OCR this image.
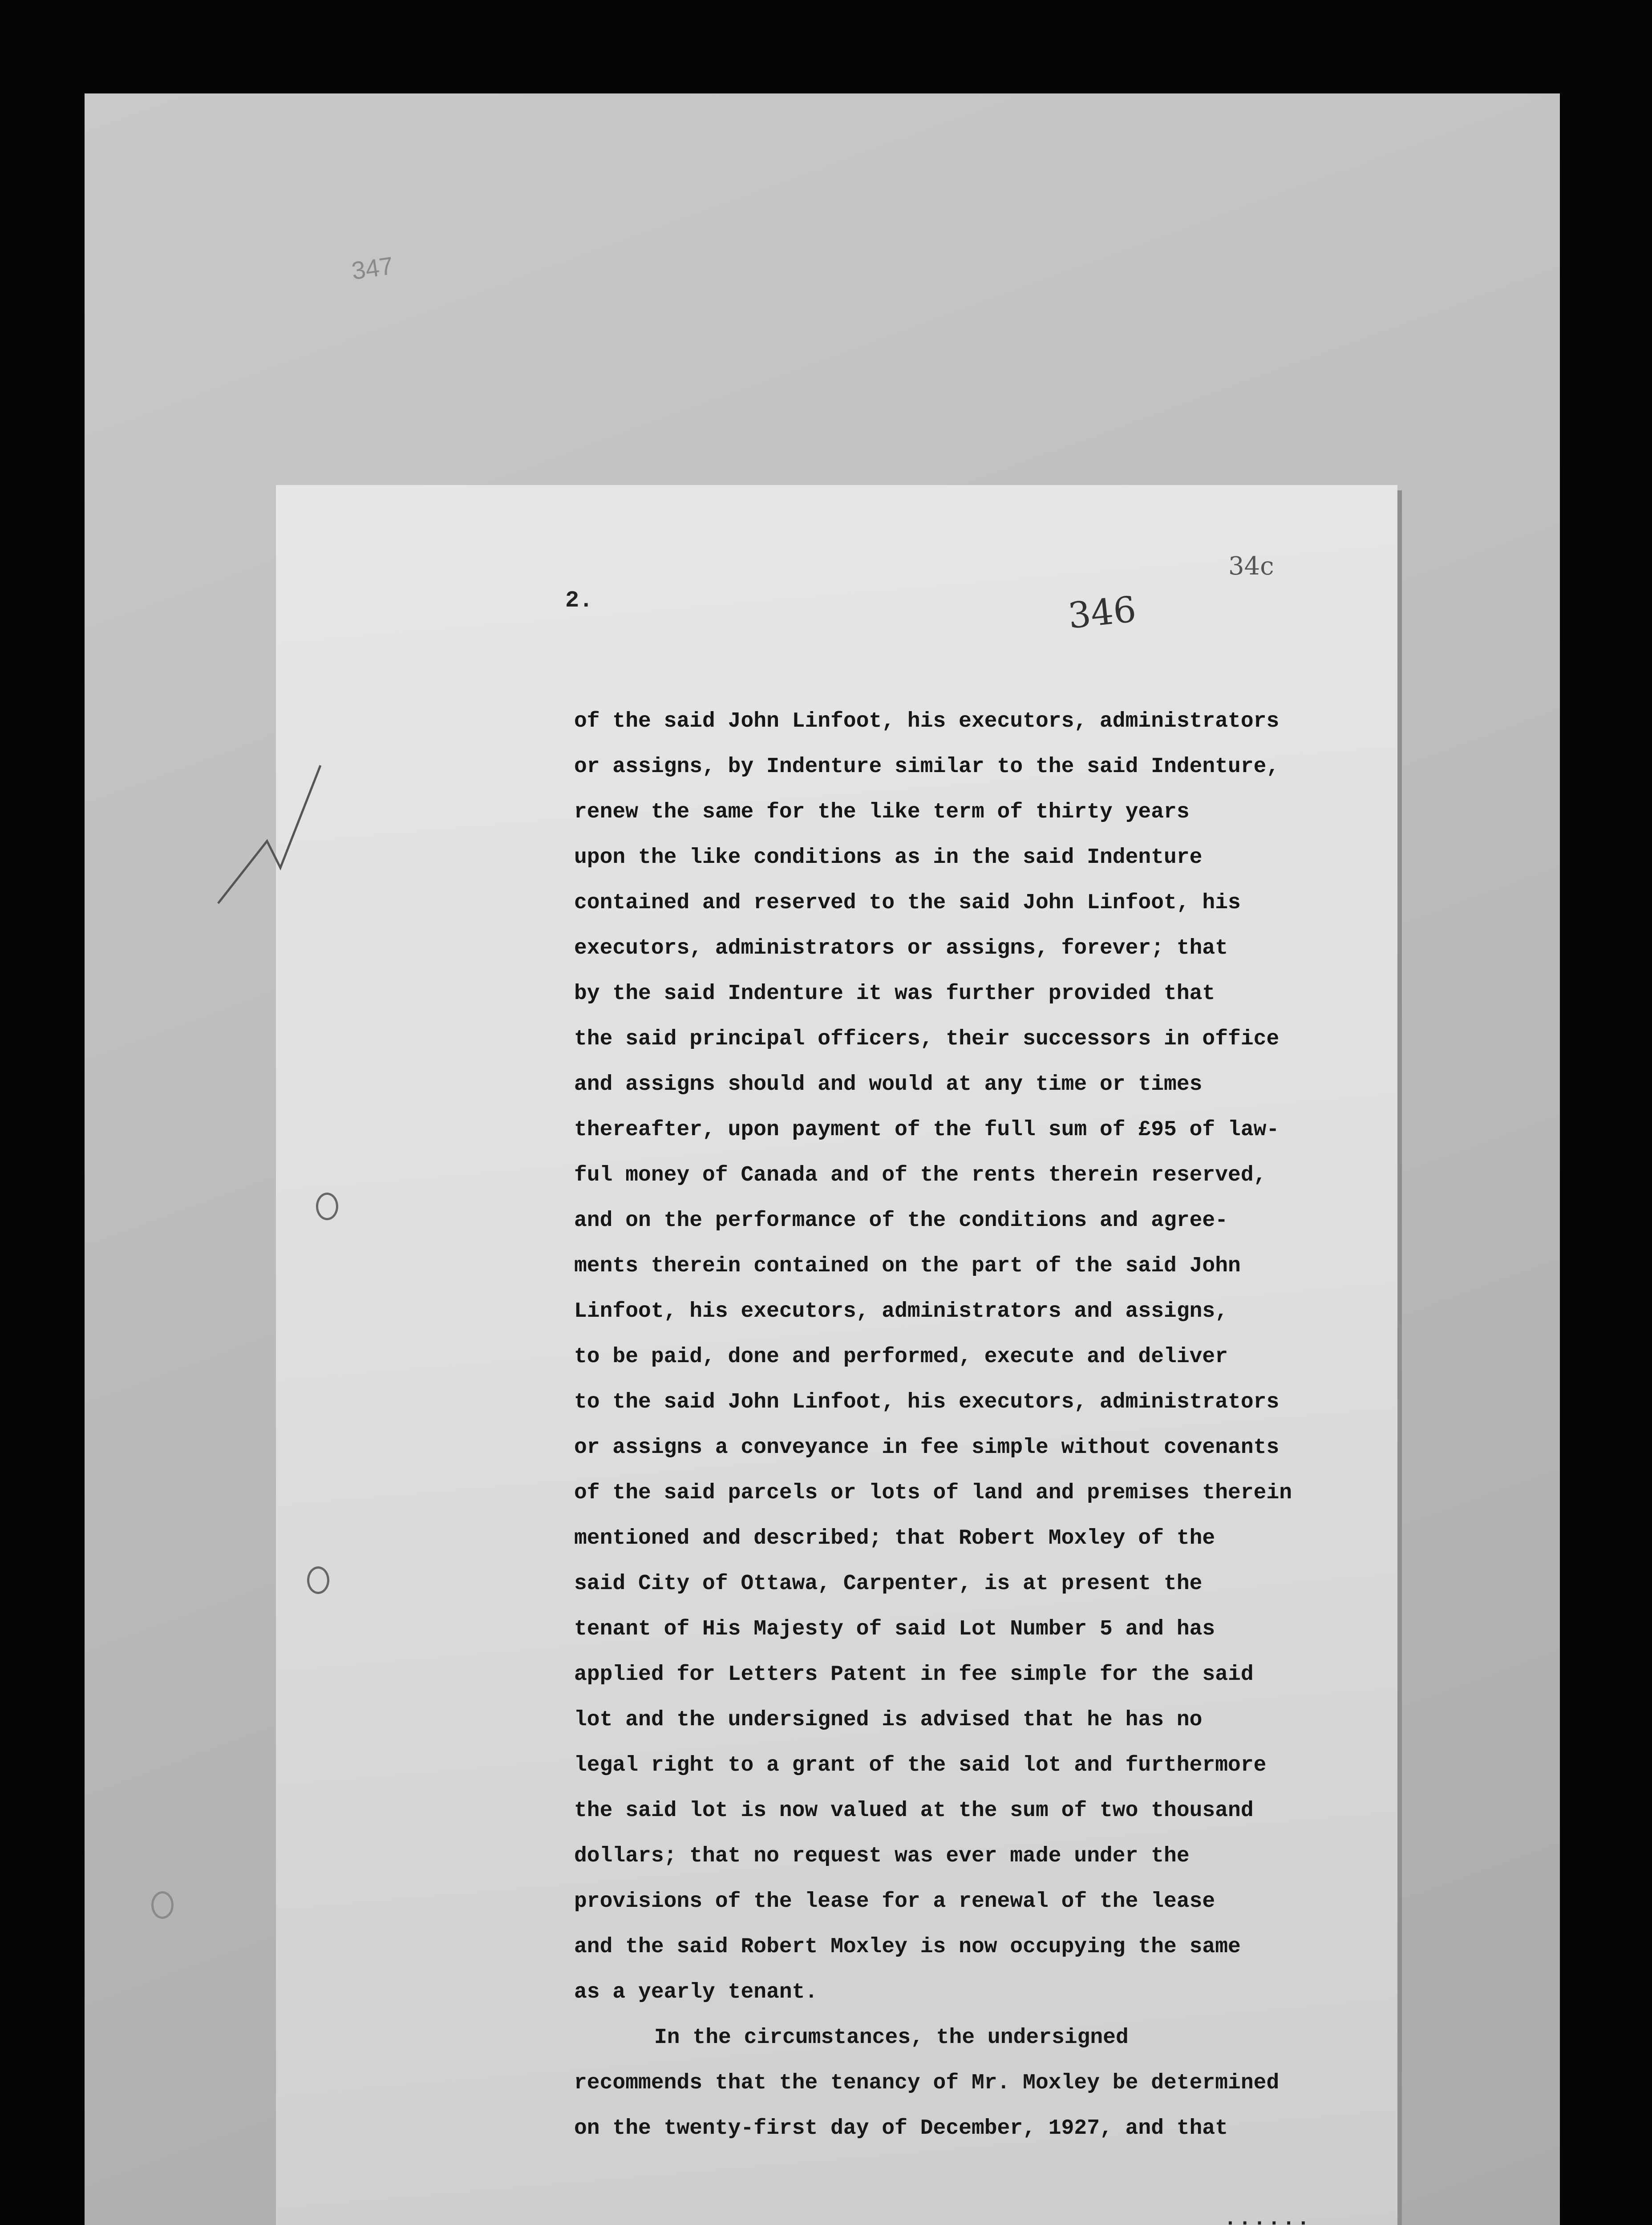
347
34c
2.	346
of the said John Linfoot, his executors, administrators
or assigns, by Indenture similar to the said Indenture,
renew the same for the like term of thirty years
upon the like conditions as in the said Indenture
contained and reserved to the said John Linfoot, his
executors, administrators or assigns, forever; that
by the said Indenture it was further provided that
the said principal officers, their successors in office
and assigns should and would at any time or times
thereafter, upon payment of the full sum of £95 of law-
ful money of Canada and of the rents therein reserved,
and on the performance of the conditions and agree-
ments therein contained on the part of the said John
Linfoot, his executors, administrators and assigns,
to be paid, done and performed, execute and deliver
to the said John Linfoot, his executors, administrators
or assigns a conveyance in fee simple without covenants
of the said parcels or lots of land and premises therein
mentioned and described; that Robert Moxley of the
said City of Ottawa, Carpenter, is at present the
tenant of His Majesty of said Lot Number 5 and has
applied for Letters Patent in fee simple for the said
lot and the undersigned is advised that he has no
legal right to a grant of the said lot and furthermore
the said lot is now valued at the sum of two thousand
dollars; that no request was ever made under the
provisions of the lease for a renewal of the lease
and the said Robert Moxley is now occupying the same
as a yearly tenant.
In the circumstances, the undersigned
recommends that the tenancy of Mr. Moxley be determined
on the twenty-first day of December, 1927, and that
......
